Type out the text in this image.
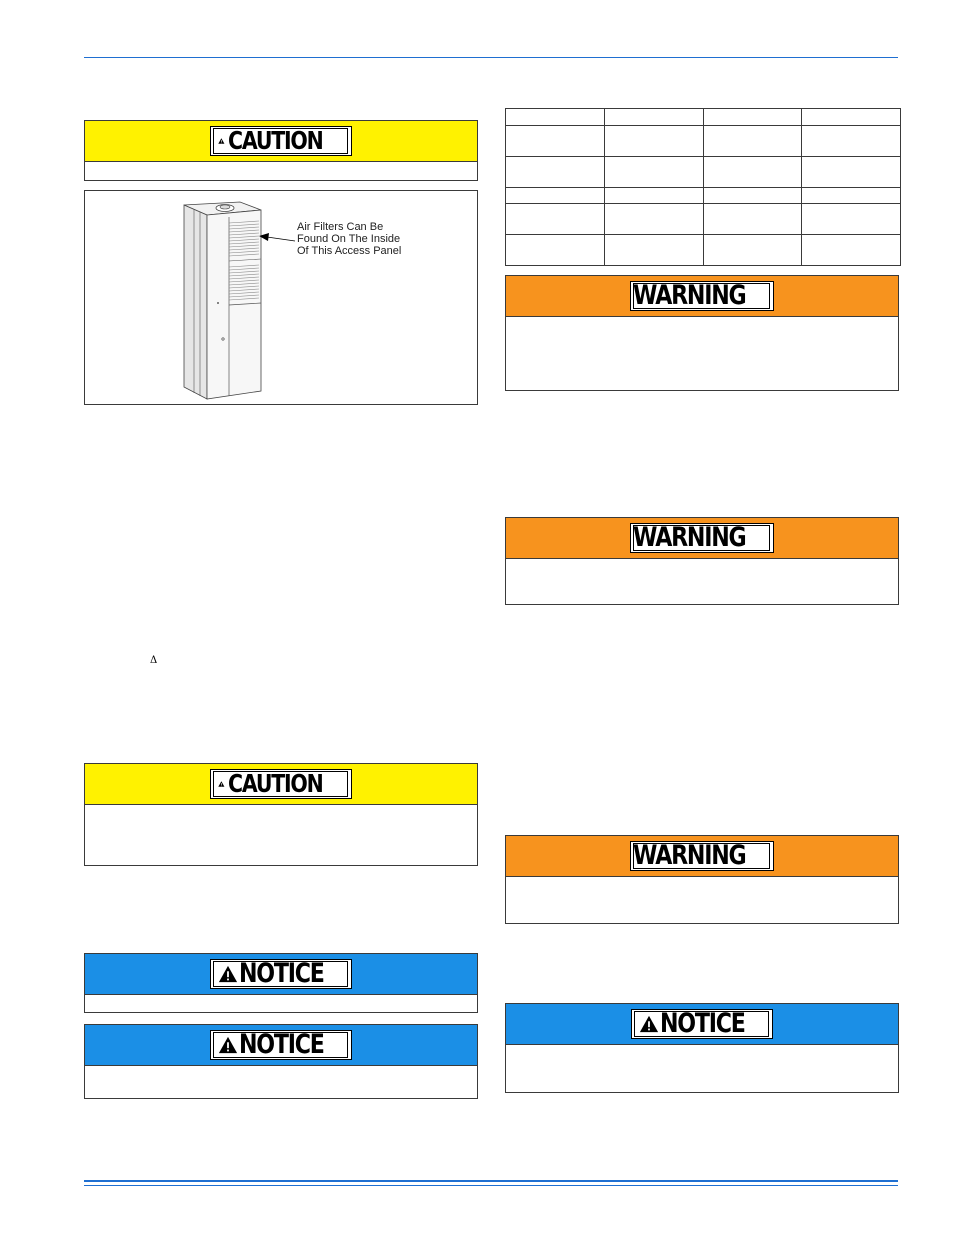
CAUTION
Air Filters Can Be
Found On The Inside
Of This Access Panel
Δ
CAUTION
NOTICE
NOTICE

WARNING
WARNING
WARNING
NOTICE
